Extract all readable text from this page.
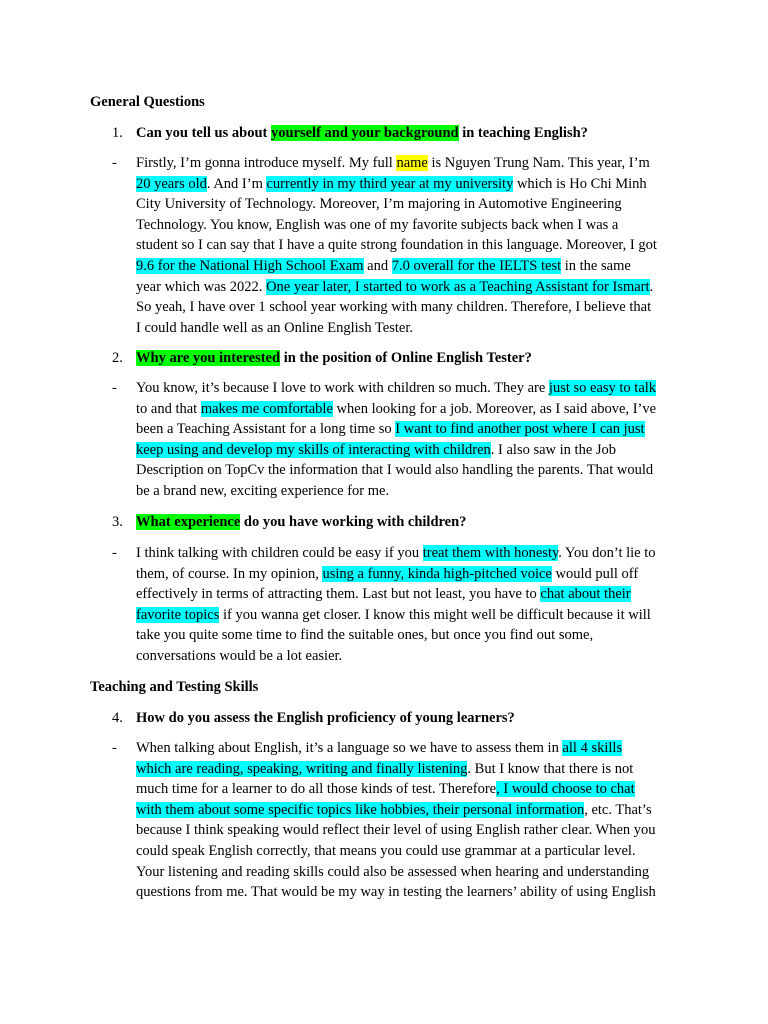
General Questions
1. Can you tell us about yourself and your background in teaching English?
- Firstly, I’m gonna introduce myself. My full name is Nguyen Trung Nam. This year, I’m
20 years old. And I’m currently in my third year at my university which is Ho Chi Minh
City University of Technology. Moreover, I’m majoring in Automotive Engineering
Technology. You know, English was one of my favorite subjects back when I was a
student so I can say that I have a quite strong foundation in this language. Moreover, I got
9.6 for the National High School Exam and 7.0 overall for the IELTS test in the same
year which was 2022. One year later, I started to work as a Teaching Assistant for Ismart.
So yeah, I have over 1 school year working with many children. Therefore, I believe that
I could handle well as an Online English Tester.
2. Why are you interested in the position of Online English Tester?
- You know, it’s because I love to work with children so much. They are just so easy to talk
to and that makes me comfortable when looking for a job. Moreover, as I said above, I’ve
been a Teaching Assistant for a long time so I want to find another post where I can just
keep using and develop my skills of interacting with children. I also saw in the Job
Description on TopCv the information that I would also handling the parents. That would
be a brand new, exciting experience for me.
3. What experience do you have working with children?
- I think talking with children could be easy if you treat them with honesty. You don’t lie to
them, of course. In my opinion, using a funny, kinda high-pitched voice would pull off
effectively in terms of attracting them. Last but not least, you have to chat about their
favorite topics if you wanna get closer. I know this might well be difficult because it will
take you quite some time to find the suitable ones, but once you find out some,
conversations would be a lot easier.
Teaching and Testing Skills
4. How do you assess the English proficiency of young learners?
- When talking about English, it’s a language so we have to assess them in all 4 skills
which are reading, speaking, writing and finally listening. But I know that there is not
much time for a learner to do all those kinds of test. Therefore, I would choose to chat
with them about some specific topics like hobbies, their personal information, etc. That’s
because I think speaking would reflect their level of using English rather clear. When you
could speak English correctly, that means you could use grammar at a particular level.
Your listening and reading skills could also be assessed when hearing and understanding
questions from me. That would be my way in testing the learners’ ability of using English
